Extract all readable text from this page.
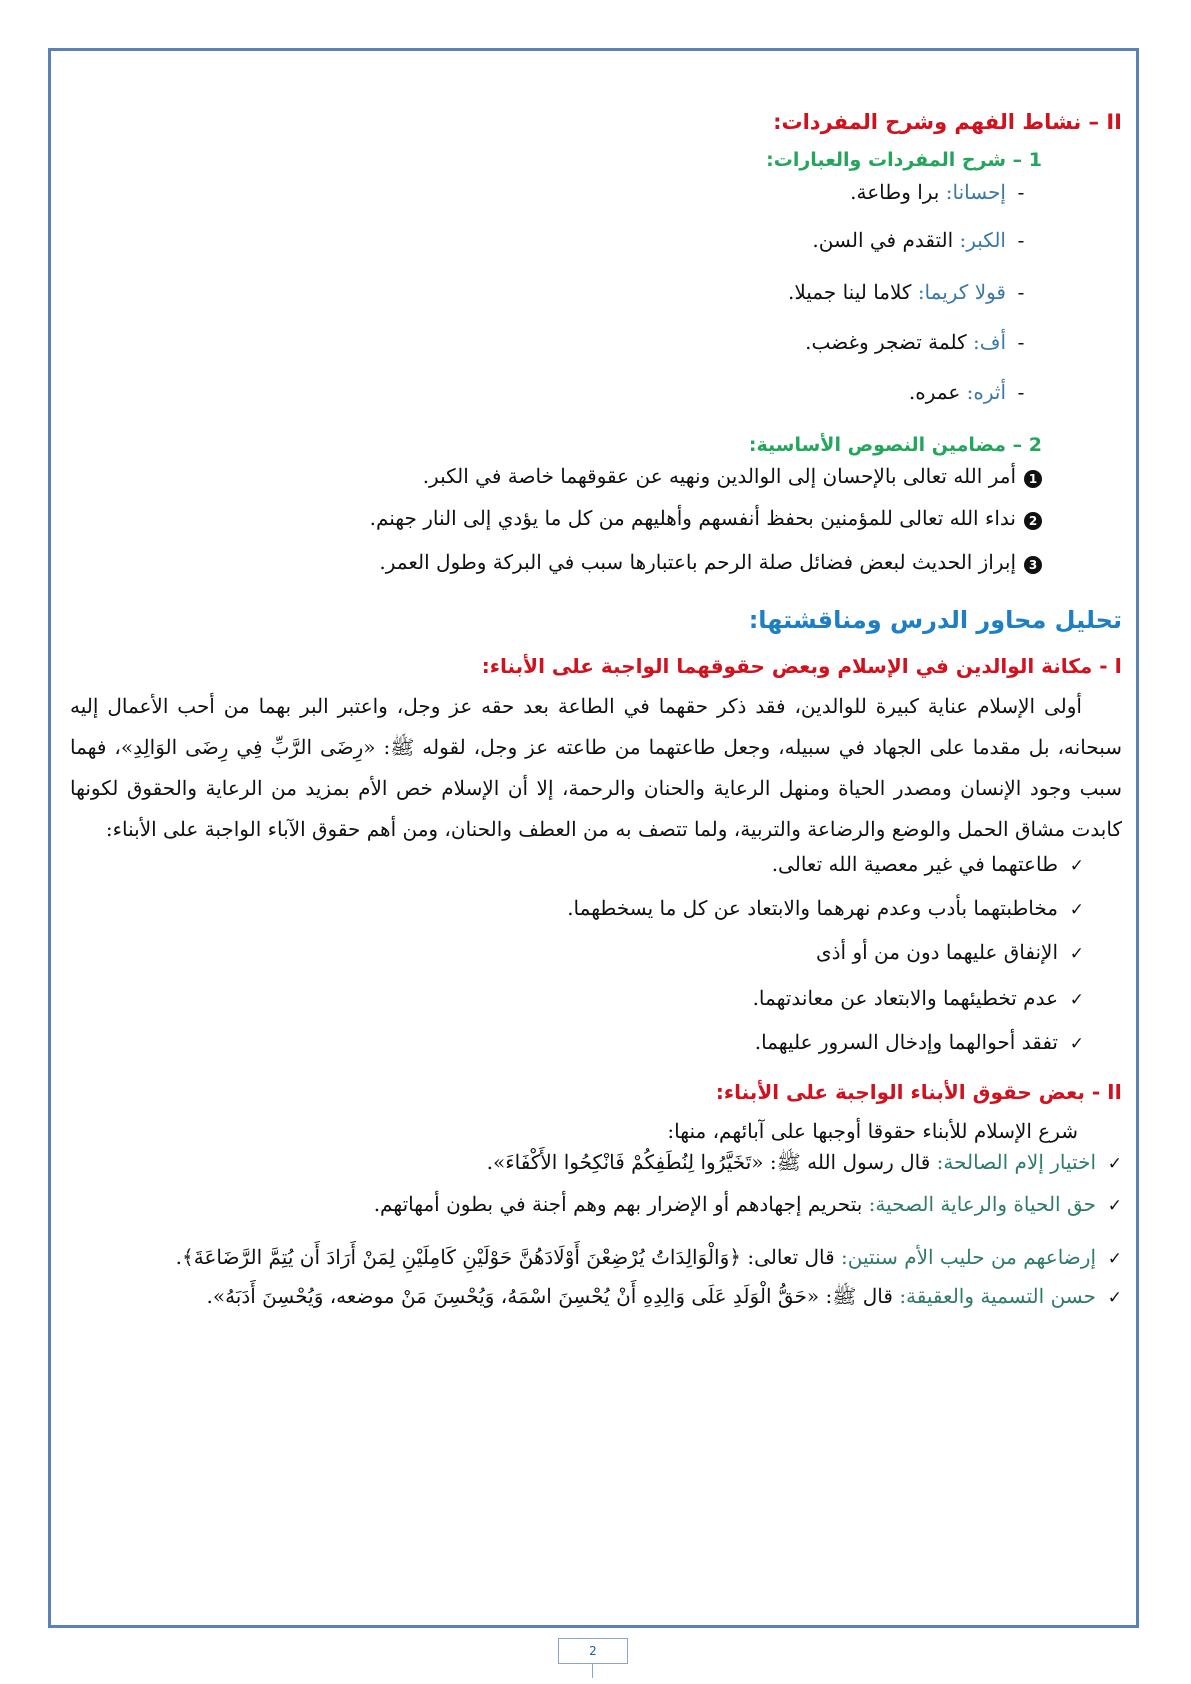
II – نشاط الفهم وشرح المفردات:
1 – شرح المفردات والعبارات:
-
إحسانا: برا وطاعة.
-
الكبر: التقدم في السن.
-
قولا كريما: كلاما لينا جميلا.
-
أف: كلمة تضجر وغضب.
-
أثره: عمره.
2 – مضامين النصوص الأساسية:
1
أمر الله تعالى بالإحسان إلى الوالدين ونهيه عن عقوقهما خاصة في الكبر.
2
نداء الله تعالى للمؤمنين بحفظ أنفسهم وأهليهم من كل ما يؤدي إلى النار جهنم.
3
إبراز الحديث لبعض فضائل صلة الرحم باعتبارها سبب في البركة وطول العمر.
تحليل محاور الدرس ومناقشتها:
I - مكانة الوالدين في الإسلام وبعض حقوقهما الواجبة على الأبناء:

أولى الإسلام عناية كبيرة للوالدين، فقد ذكر حقهما في الطاعة بعد حقه عز وجل، واعتبر البر بهما من أحب الأعمال إليه سبحانه، بل مقدما على الجهاد في سبيله، وجعل طاعتهما من طاعته عز وجل، لقوله ﷺ: «رِضَى الرَّبِّ فِي رِضَى الوَالِدِ»، فهما سبب وجود الإنسان ومصدر الحياة ومنهل الرعاية والحنان والرحمة، إلا أن الإسلام خص الأم بمزيد من الرعاية والحقوق لكونها كابدت مشاق الحمل والوضع والرضاعة والتربية، ولما تتصف به من العطف والحنان، ومن أهم حقوق الآباء الواجبة على الأبناء:

✓
طاعتهما في غير معصية الله تعالى.
✓
مخاطبتهما بأدب وعدم نهرهما والابتعاد عن كل ما يسخطهما.
✓
الإنفاق عليهما دون من أو أذى
✓
عدم تخطيئهما والابتعاد عن معاندتهما.
✓
تفقد أحوالهما وإدخال السرور عليهما.
II - بعض حقوق الأبناء الواجبة على الأبناء:
شرع الإسلام للأبناء حقوقا أوجبها على آبائهم، منها:
✓
اختيار إلام الصالحة: قال رسول الله ﷺ: «تَخَيَّرُوا لِنُطَفِكُمْ فَانْكِحُوا الأَكْفَاءَ».
✓
حق الحياة والرعاية الصحية: بتحريم إجهادهم أو الإضرار بهم وهم أجنة في بطون أمهاتهم.
✓
إرضاعهم من حليب الأم سنتين: قال تعالى: ﴿وَالْوَالِدَاتُ يُرْضِعْنَ أَوْلَادَهُنَّ حَوْلَيْنِ كَامِلَيْنِ لِمَنْ أَرَادَ أَن يُتِمَّ الرَّضَاعَةَ﴾.
✓
حسن التسمية والعقيقة: قال ﷺ: «حَقُّ الْوَلَدِ عَلَى وَالِدِهِ أَنْ يُحْسِنَ اسْمَهُ، وَيُحْسِنَ مَنْ موضعه، وَيُحْسِنَ أَدَبَهُ».
2
